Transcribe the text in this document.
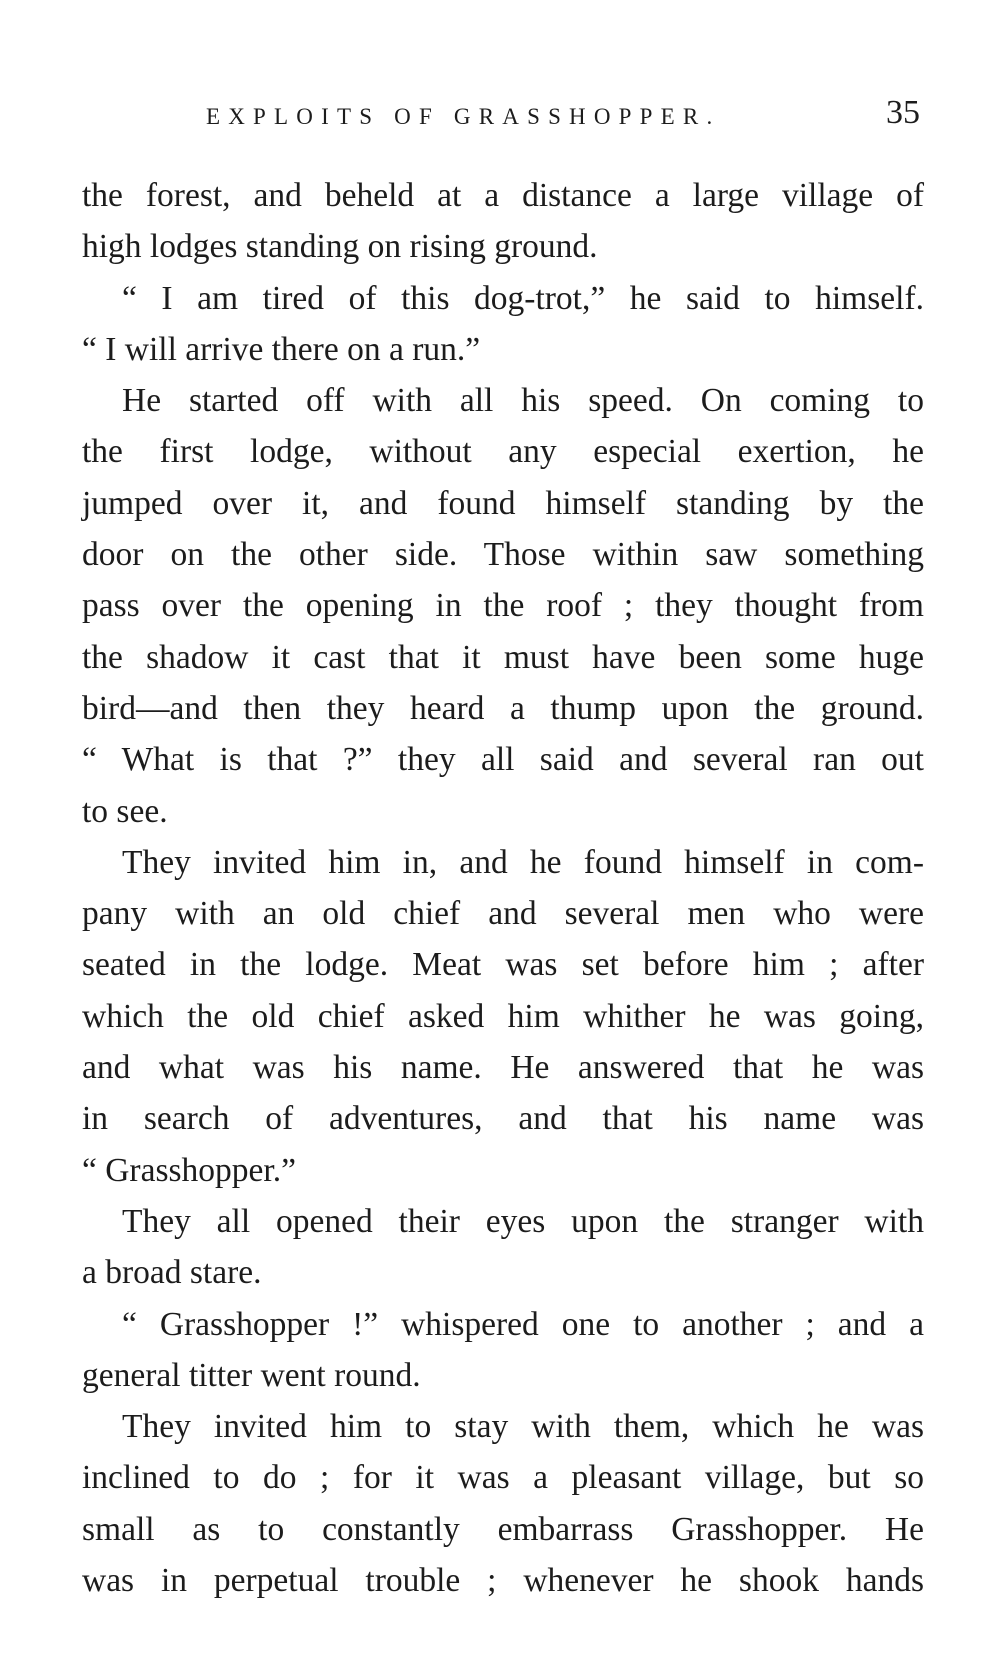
EXPLOITS OF GRASSHOPPER.	35
the forest, and beheld at a distance a large village of
high lodges standing on rising ground.
“ I am tired of this dog-trot,” he said to himself.
“ I will arrive there on a run.”
He started off with all his speed. On coming to
the first lodge, without any especial exertion, he
jumped over it, and found himself standing by the
door on the other side. Those within saw something
pass over the opening in the roof ; they thought from
the shadow it cast that it must have been some huge
bird—and then they heard a thump upon the ground.
“ What is that ?” they all said and several ran out
to see.
They invited him in, and he found himself in com-
pany with an old chief and several men who were
seated in the lodge. Meat was set before him ; after
which the old chief asked him whither he was going,
and what was his name. He answered that he was
in search of adventures, and that his name was
“ Grasshopper.”
They all opened their eyes upon the stranger with
a broad stare.
“ Grasshopper !” whispered one to another ; and a
general titter went round.
They invited him to stay with them, which he was
inclined to do ; for it was a pleasant village, but so
small as to constantly embarrass Grasshopper. He
was in perpetual trouble ; whenever he shook hands
